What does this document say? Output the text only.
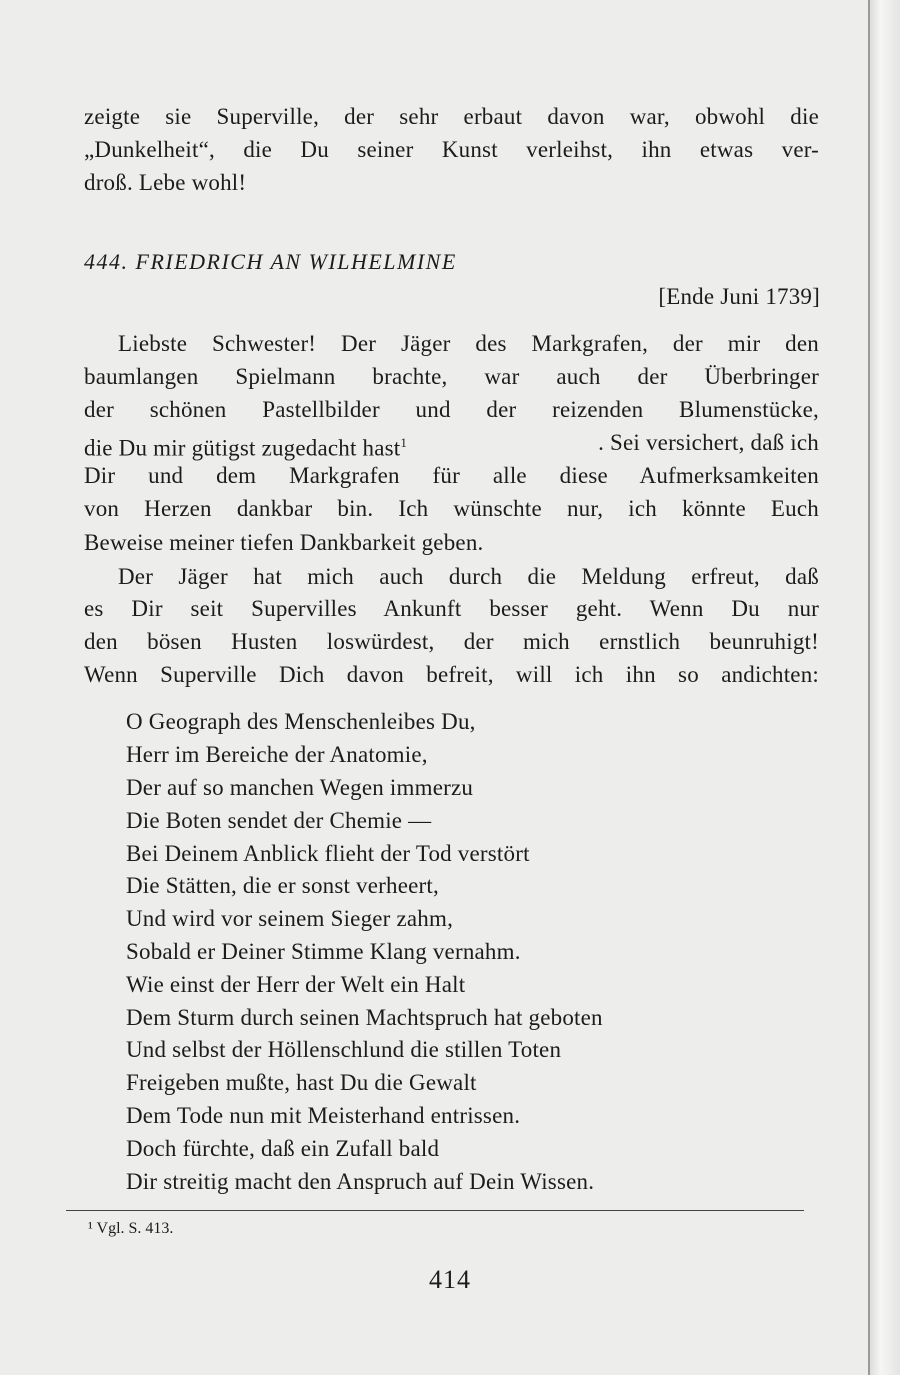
zeigte sie Superville, der sehr erbaut davon war, obwohl die
„Dunkelheit“, die Du seiner Kunst verleihst, ihn etwas ver-
droß. Lebe wohl!
444. FRIEDRICH AN WILHELMINE
[Ende Juni 1739]
Liebste Schwester! Der Jäger des Markgrafen, der mir den
baumlangen Spielmann brachte, war auch der Überbringer
der schönen Pastellbilder und der reizenden Blumenstücke,
die Du mir gütigst zugedacht hast$^1$	. Sei versichert, daß ich
Dir und dem Markgrafen für alle diese Aufmerksamkeiten
von Herzen dankbar bin. Ich wünschte nur, ich könnte Euch
Beweise meiner tiefen Dankbarkeit geben.
Der Jäger hat mich auch durch die Meldung erfreut, daß
es Dir seit Supervilles Ankunft besser geht. Wenn Du nur
den bösen Husten loswürdest, der mich ernstlich beunruhigt!
Wenn Superville Dich davon befreit, will ich ihn so andichten:
O Geograph des Menschenleibes Du,
Herr im Bereiche der Anatomie,
Der auf so manchen Wegen immerzu
Die Boten sendet der Chemie —
Bei Deinem Anblick flieht der Tod verstört
Die Stätten, die er sonst verheert,
Und wird vor seinem Sieger zahm,
Sobald er Deiner Stimme Klang vernahm.
Wie einst der Herr der Welt ein Halt
Dem Sturm durch seinen Machtspruch hat geboten
Und selbst der Höllenschlund die stillen Toten
Freigeben mußte, hast Du die Gewalt
Dem Tode nun mit Meisterhand entrissen.
Doch fürchte, daß ein Zufall bald
Dir streitig macht den Anspruch auf Dein Wissen.
¹ Vgl. S. 413.
414
